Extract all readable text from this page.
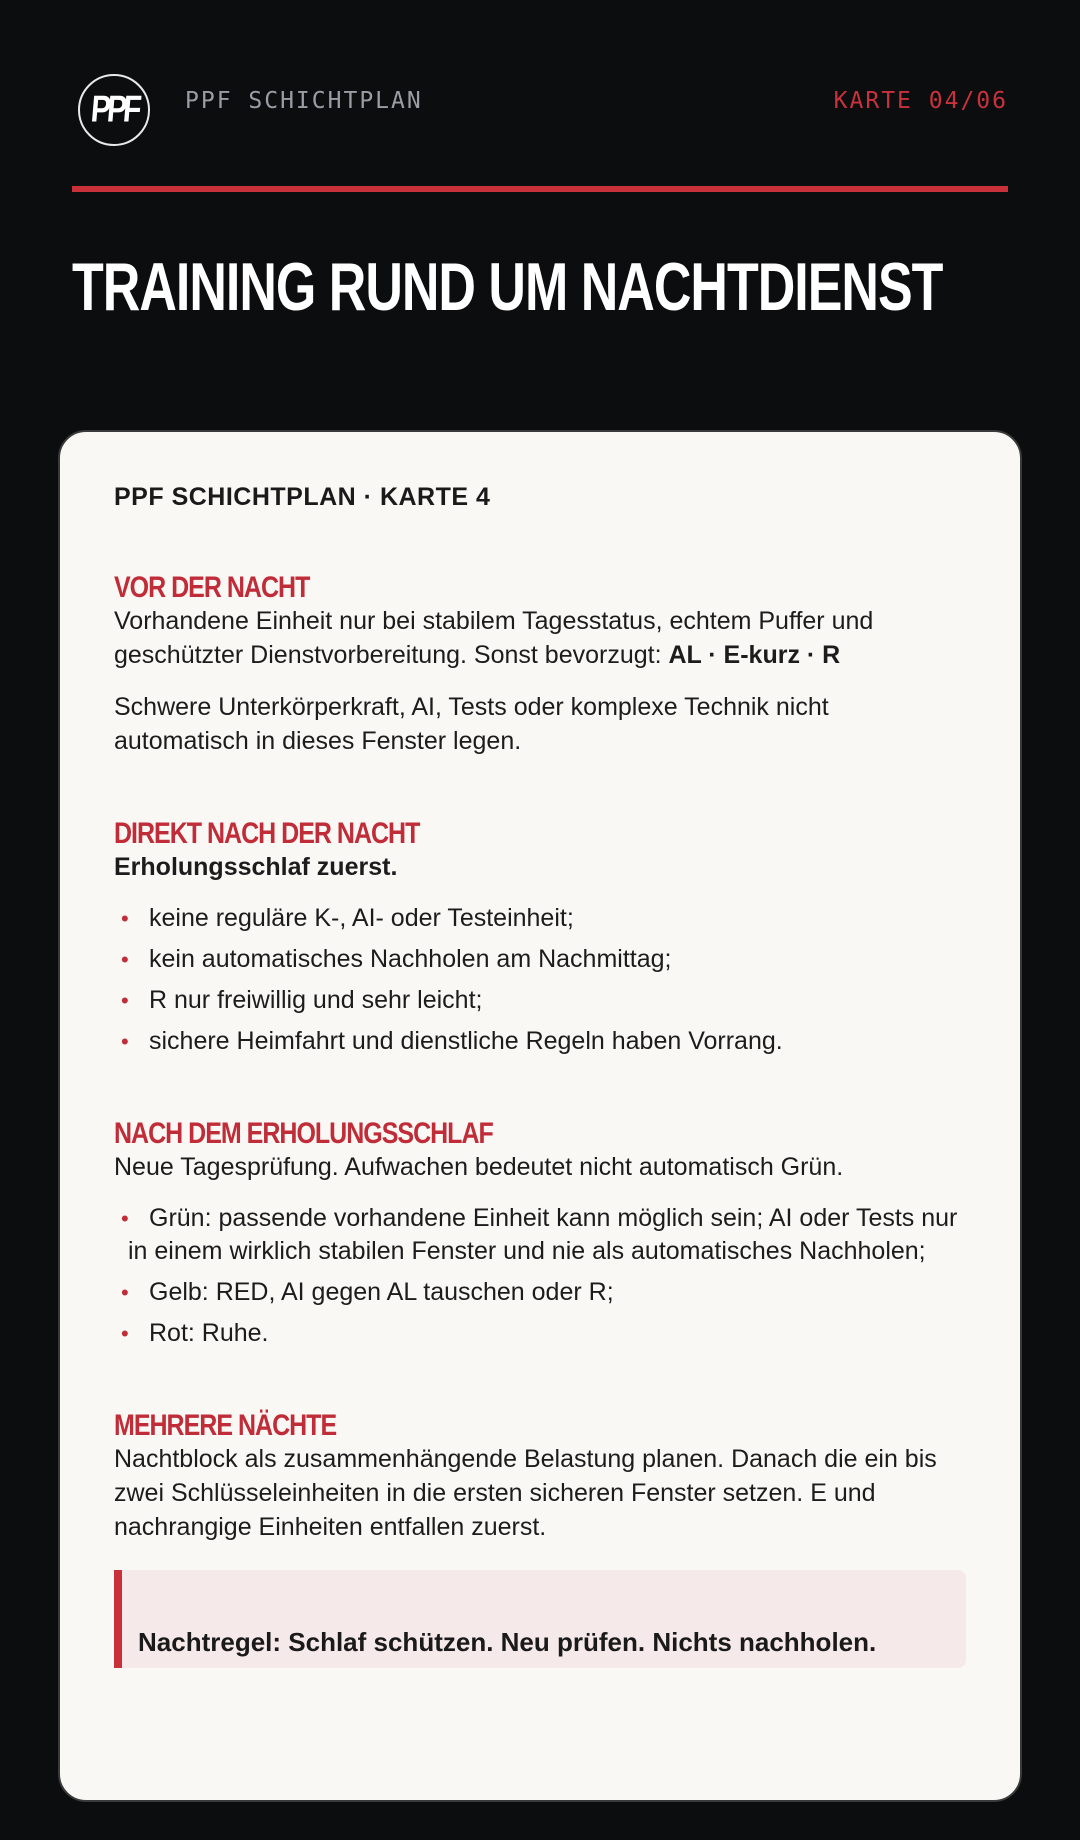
PPF PPF SCHICHTPLAN	KARTE 04/06
TRAINING RUND UM NACHTDIENST
PPF SCHICHTPLAN · KARTE 4
VOR DER NACHT

Vorhandene Einheit nur bei stabilem Tagesstatus, echtem Puffer und geschützter Dienstvorbereitung. Sonst bevorzugt: AL · E-kurz · R

Schwere Unterkörperkraft, AI, Tests oder komplexe Technik nicht automatisch in dieses Fenster legen.

DIREKT NACH DER NACHT

Erholungsschlaf zuerst.

• keine reguläre K-, AI- oder Testeinheit;
• kein automatisches Nachholen am Nachmittag;
• R nur freiwillig und sehr leicht;
• sichere Heimfahrt und dienstliche Regeln haben Vorrang.
NACH DEM ERHOLUNGSSCHLAF

Neue Tagesprüfung. Aufwachen bedeutet nicht automatisch Grün.

• Grün: passende vorhandene Einheit kann möglich sein; AI oder Tests nur in einem wirklich stabilen Fenster und nie als automatisches Nachholen;
• Gelb: RED, AI gegen AL tauschen oder R;
• Rot: Ruhe.
MEHRERE NÄCHTE

Nachtblock als zusammenhängende Belastung planen. Danach die ein bis zwei Schlüsseleinheiten in die ersten sicheren Fenster setzen. E und nachrangige Einheiten entfallen zuerst.

Nachtregel: Schlaf schützen. Neu prüfen. Nichts nachholen.
